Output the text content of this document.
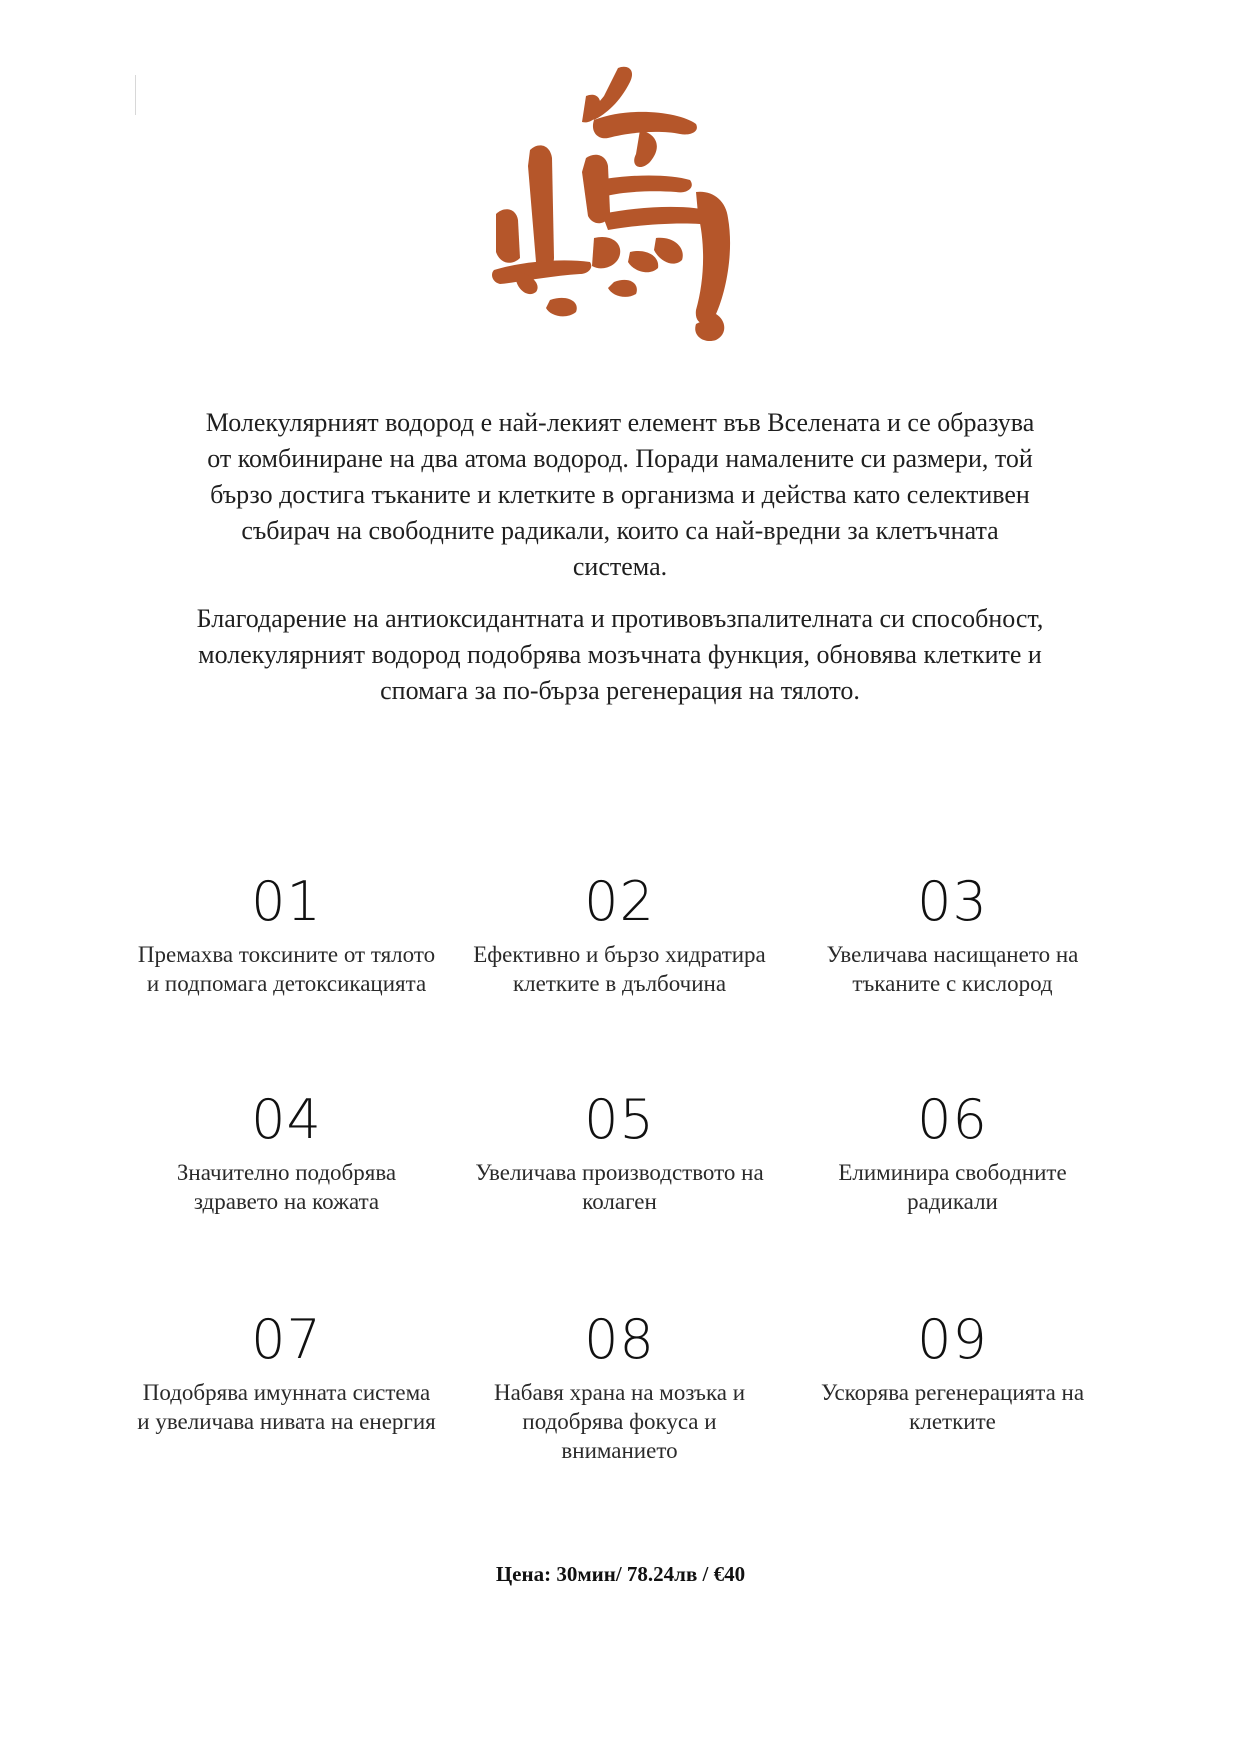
Молекулярният водород е най-лекият елемент във Вселената и се образува от комбиниране на два атома водород. Поради намалените си размери, той бързо достига тъканите и клетките в организма и действа като селективен събирач на свободните радикали, които са най-вредни за клетъчната система.

Благодарение на антиоксидантната и противовъзпалителната си способност, молекулярният водород подобрява мозъчната функция, обновява клетките и спомага за по-бърза регенерация на тялото.

01
Премахва токсините от тялото и подпомага детоксикацията
02
Ефективно и бързо хидратира клетките в дълбочина
03
Увеличава насищането на тъканите с кислород
04
Значително подобрява здравето на кожата
05
Увеличава производството на колаген
06
Елиминира свободните радикали
07
Подобрява имунната система и увеличава нивата на енергия
08
Набавя храна на мозъка и подобрява фокуса и вниманието
09
Ускорява регенерацията на клетките
Цена: 30мин/ 78.24лв / €40
